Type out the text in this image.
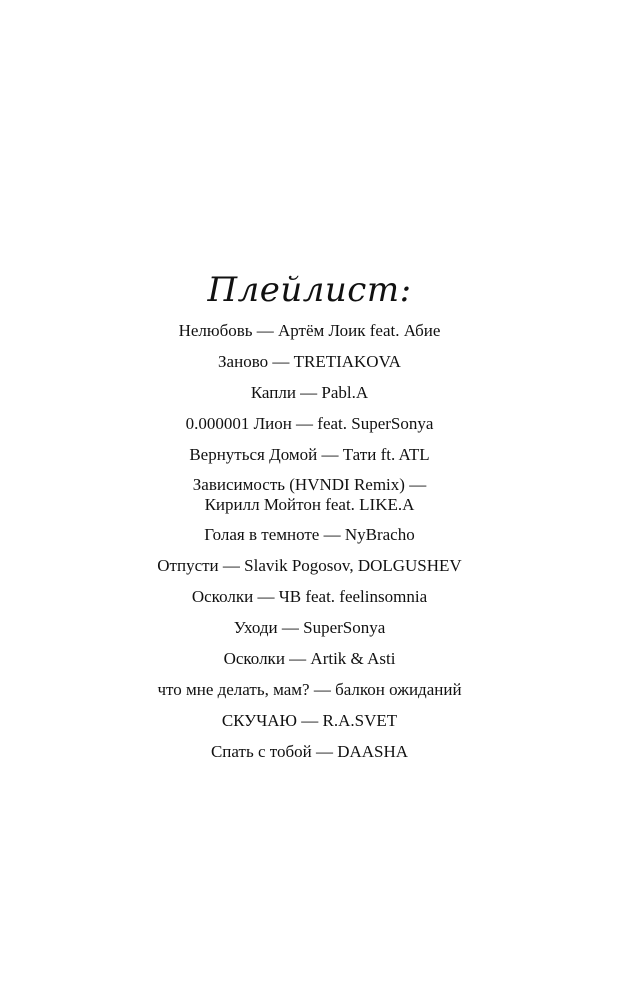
Плейлист:
Нелюбовь — Артём Лоик feat. Абие
Заново — TRETIAKOVA
Капли — Pabl.A
0.000001 Лион — feat. SuperSonya
Вернуться Домой — Тати ft. ATL
Зависимость (HVNDI Remix) —
Кирилл Мойтон feat. LIKE.A
Голая в темноте — NyBracho
Отпусти — Slavik Pogosov, DOLGUSHEV
Осколки — ЧВ feat. feelinsomnia
Уходи — SuperSonya
Осколки — Artik & Asti
что мне делать, мам? — балкон ожиданий
СКУЧАЮ — R.A.SVET
Спать с тобой — DAASHA
